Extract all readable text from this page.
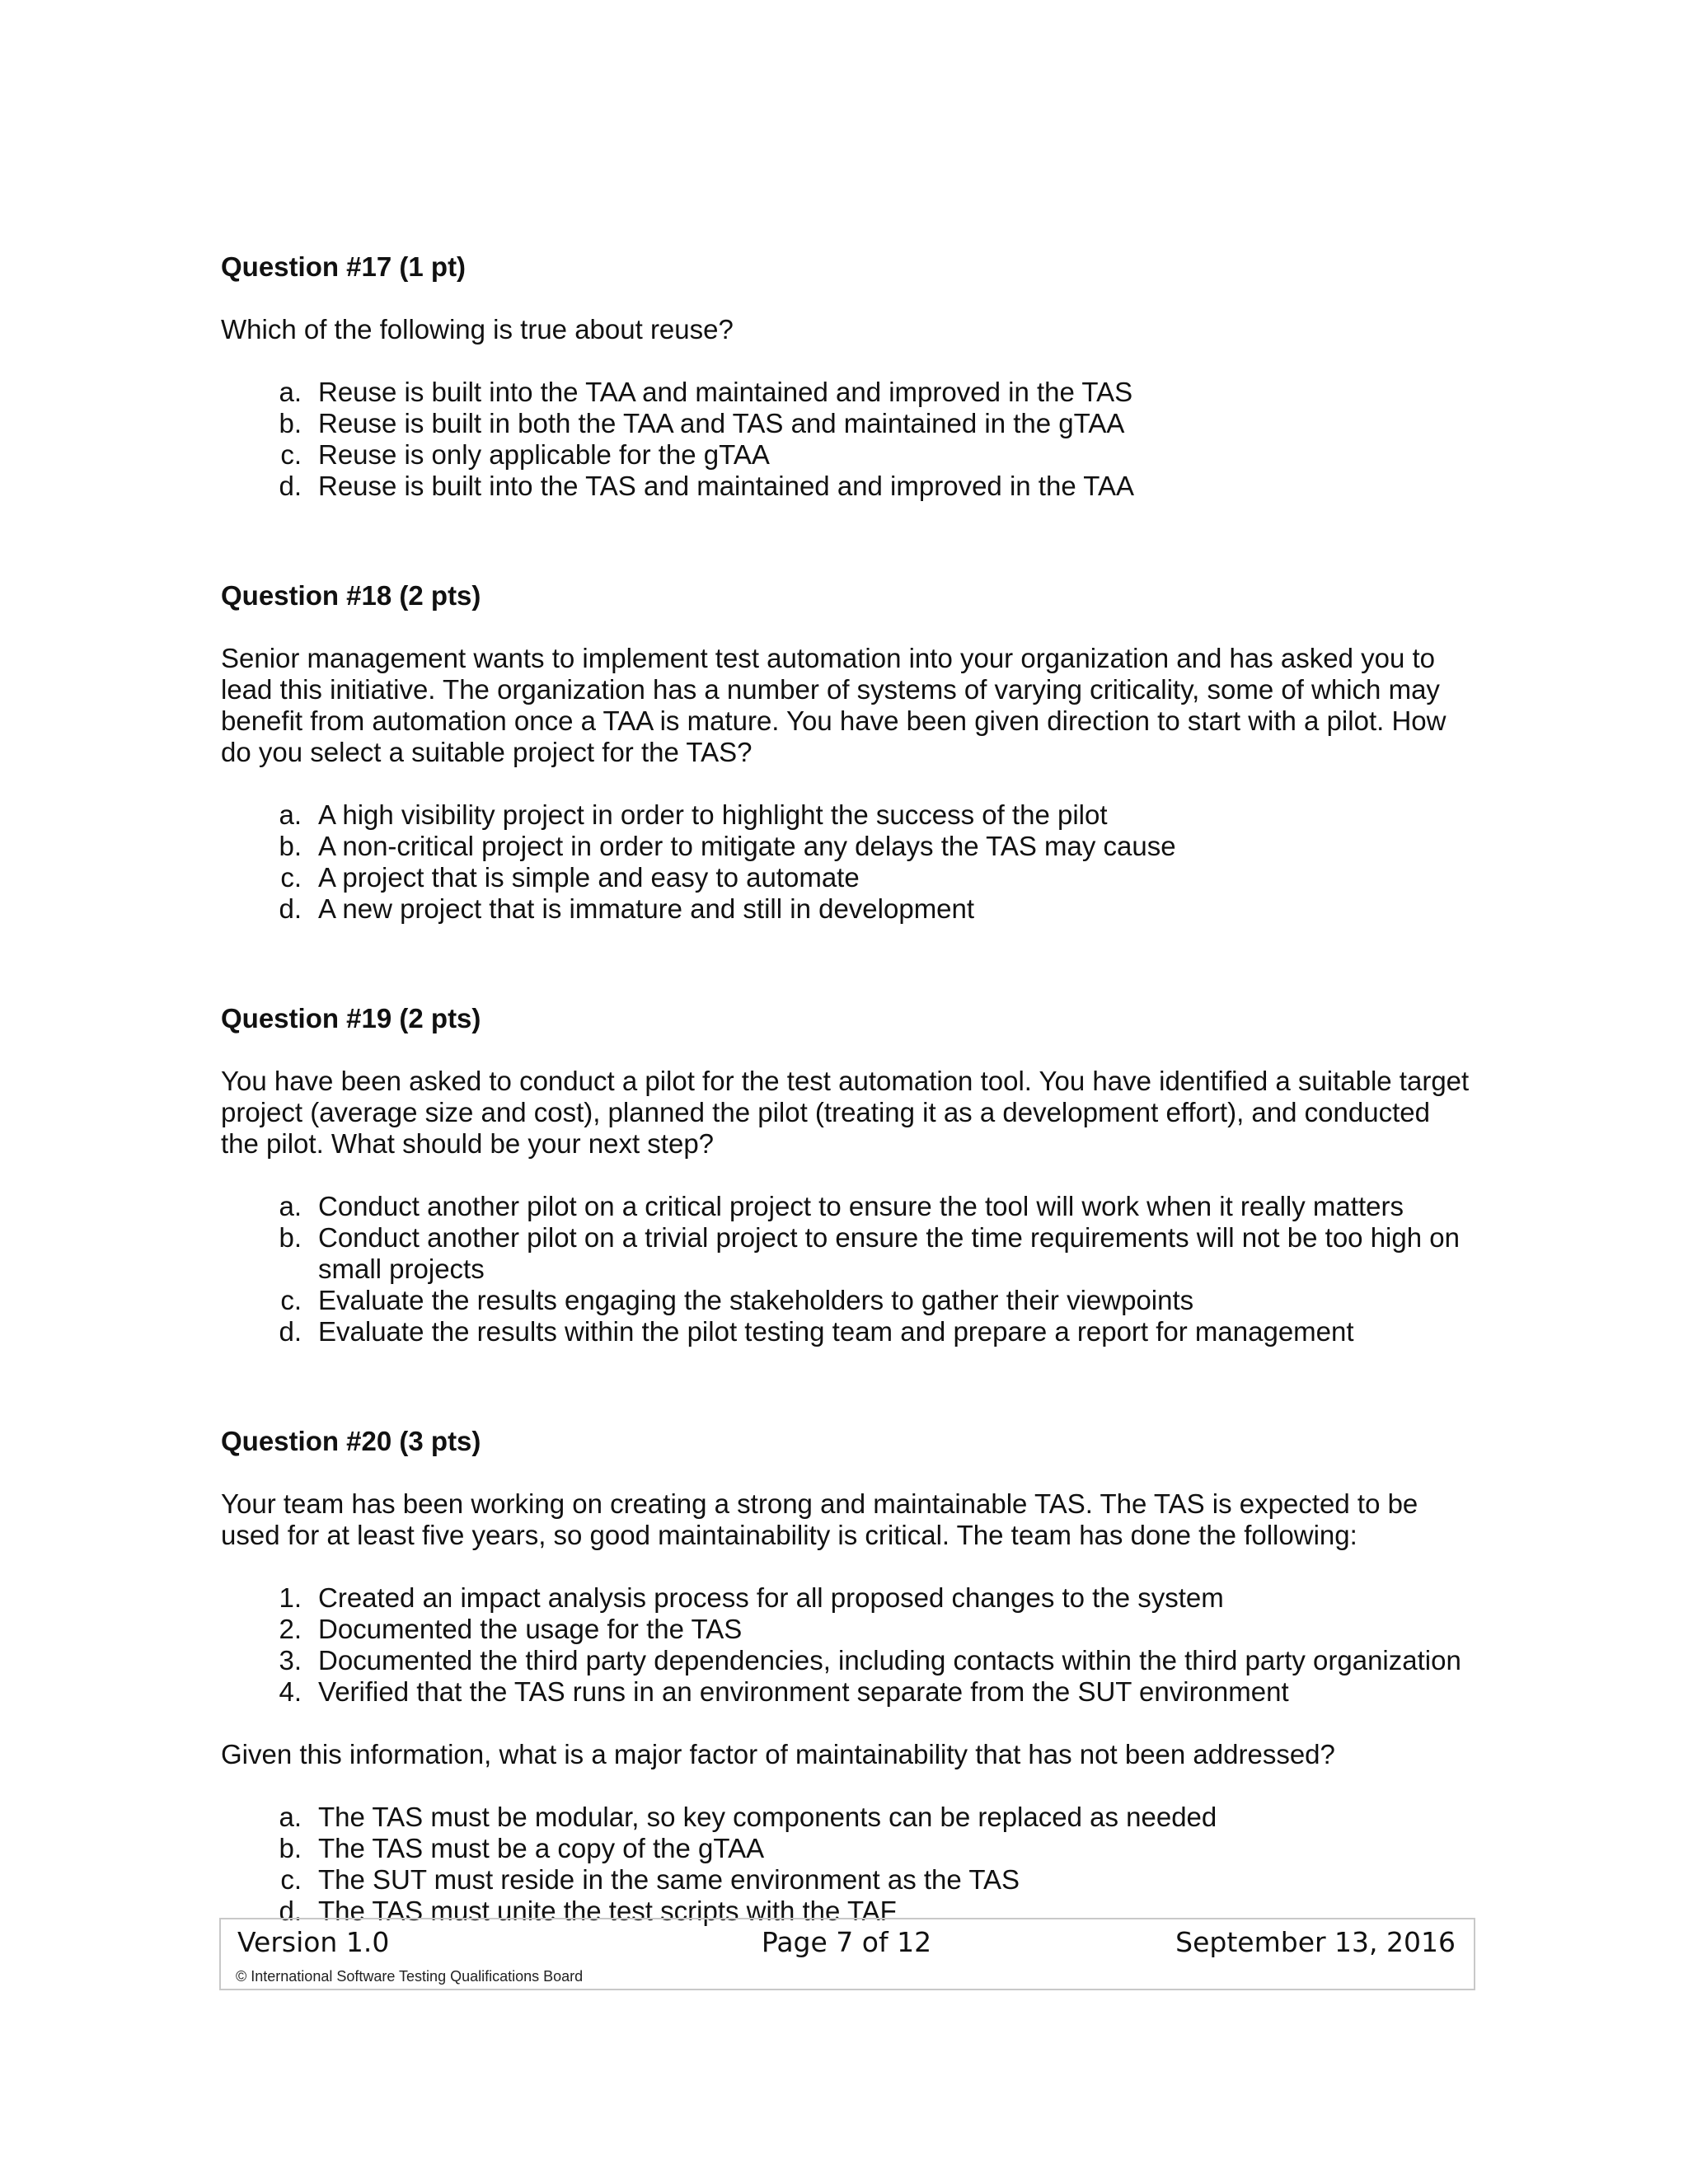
Question #17 (1 pt)

Which of the following is true about reuse?

a. Reuse is built into the TAA and maintained and improved in the TAS
b. Reuse is built in both the TAA and TAS and maintained in the gTAA
c. Reuse is only applicable for the gTAA
d. Reuse is built into the TAS and maintained and improved in the TAA
Question #18 (2 pts)

Senior management wants to implement test automation into your organization and has asked you to lead this initiative. The organization has a number of systems of varying criticality, some of which may benefit from automation once a TAA is mature. You have been given direction to start with a pilot. How do you select a suitable project for the TAS?

a. A high visibility project in order to highlight the success of the pilot
b. A non-critical project in order to mitigate any delays the TAS may cause
c. A project that is simple and easy to automate
d. A new project that is immature and still in development
Question #19 (2 pts)

You have been asked to conduct a pilot for the test automation tool. You have identified a suitable target project (average size and cost), planned the pilot (treating it as a development effort), and conducted the pilot. What should be your next step?

a. Conduct another pilot on a critical project to ensure the tool will work when it really matters
b. Conduct another pilot on a trivial project to ensure the time requirements will not be too high on small projects
c. Evaluate the results engaging the stakeholders to gather their viewpoints
d. Evaluate the results within the pilot testing team and prepare a report for management
Question #20 (3 pts)

Your team has been working on creating a strong and maintainable TAS. The TAS is expected to be used for at least five years, so good maintainability is critical. The team has done the following:

1. Created an impact analysis process for all proposed changes to the system
2. Documented the usage for the TAS
3. Documented the third party dependencies, including contacts within the third party organization
4. Verified that the TAS runs in an environment separate from the SUT environment

Given this information, what is a major factor of maintainability that has not been addressed?

a. The TAS must be modular, so key components can be replaced as needed
b. The TAS must be a copy of the gTAA
c. The SUT must reside in the same environment as the TAS
d. The TAS must unite the test scripts with the TAF
Version 1.0	Page 7 of 12	September 13, 2016
© International Software Testing Qualifications Board
